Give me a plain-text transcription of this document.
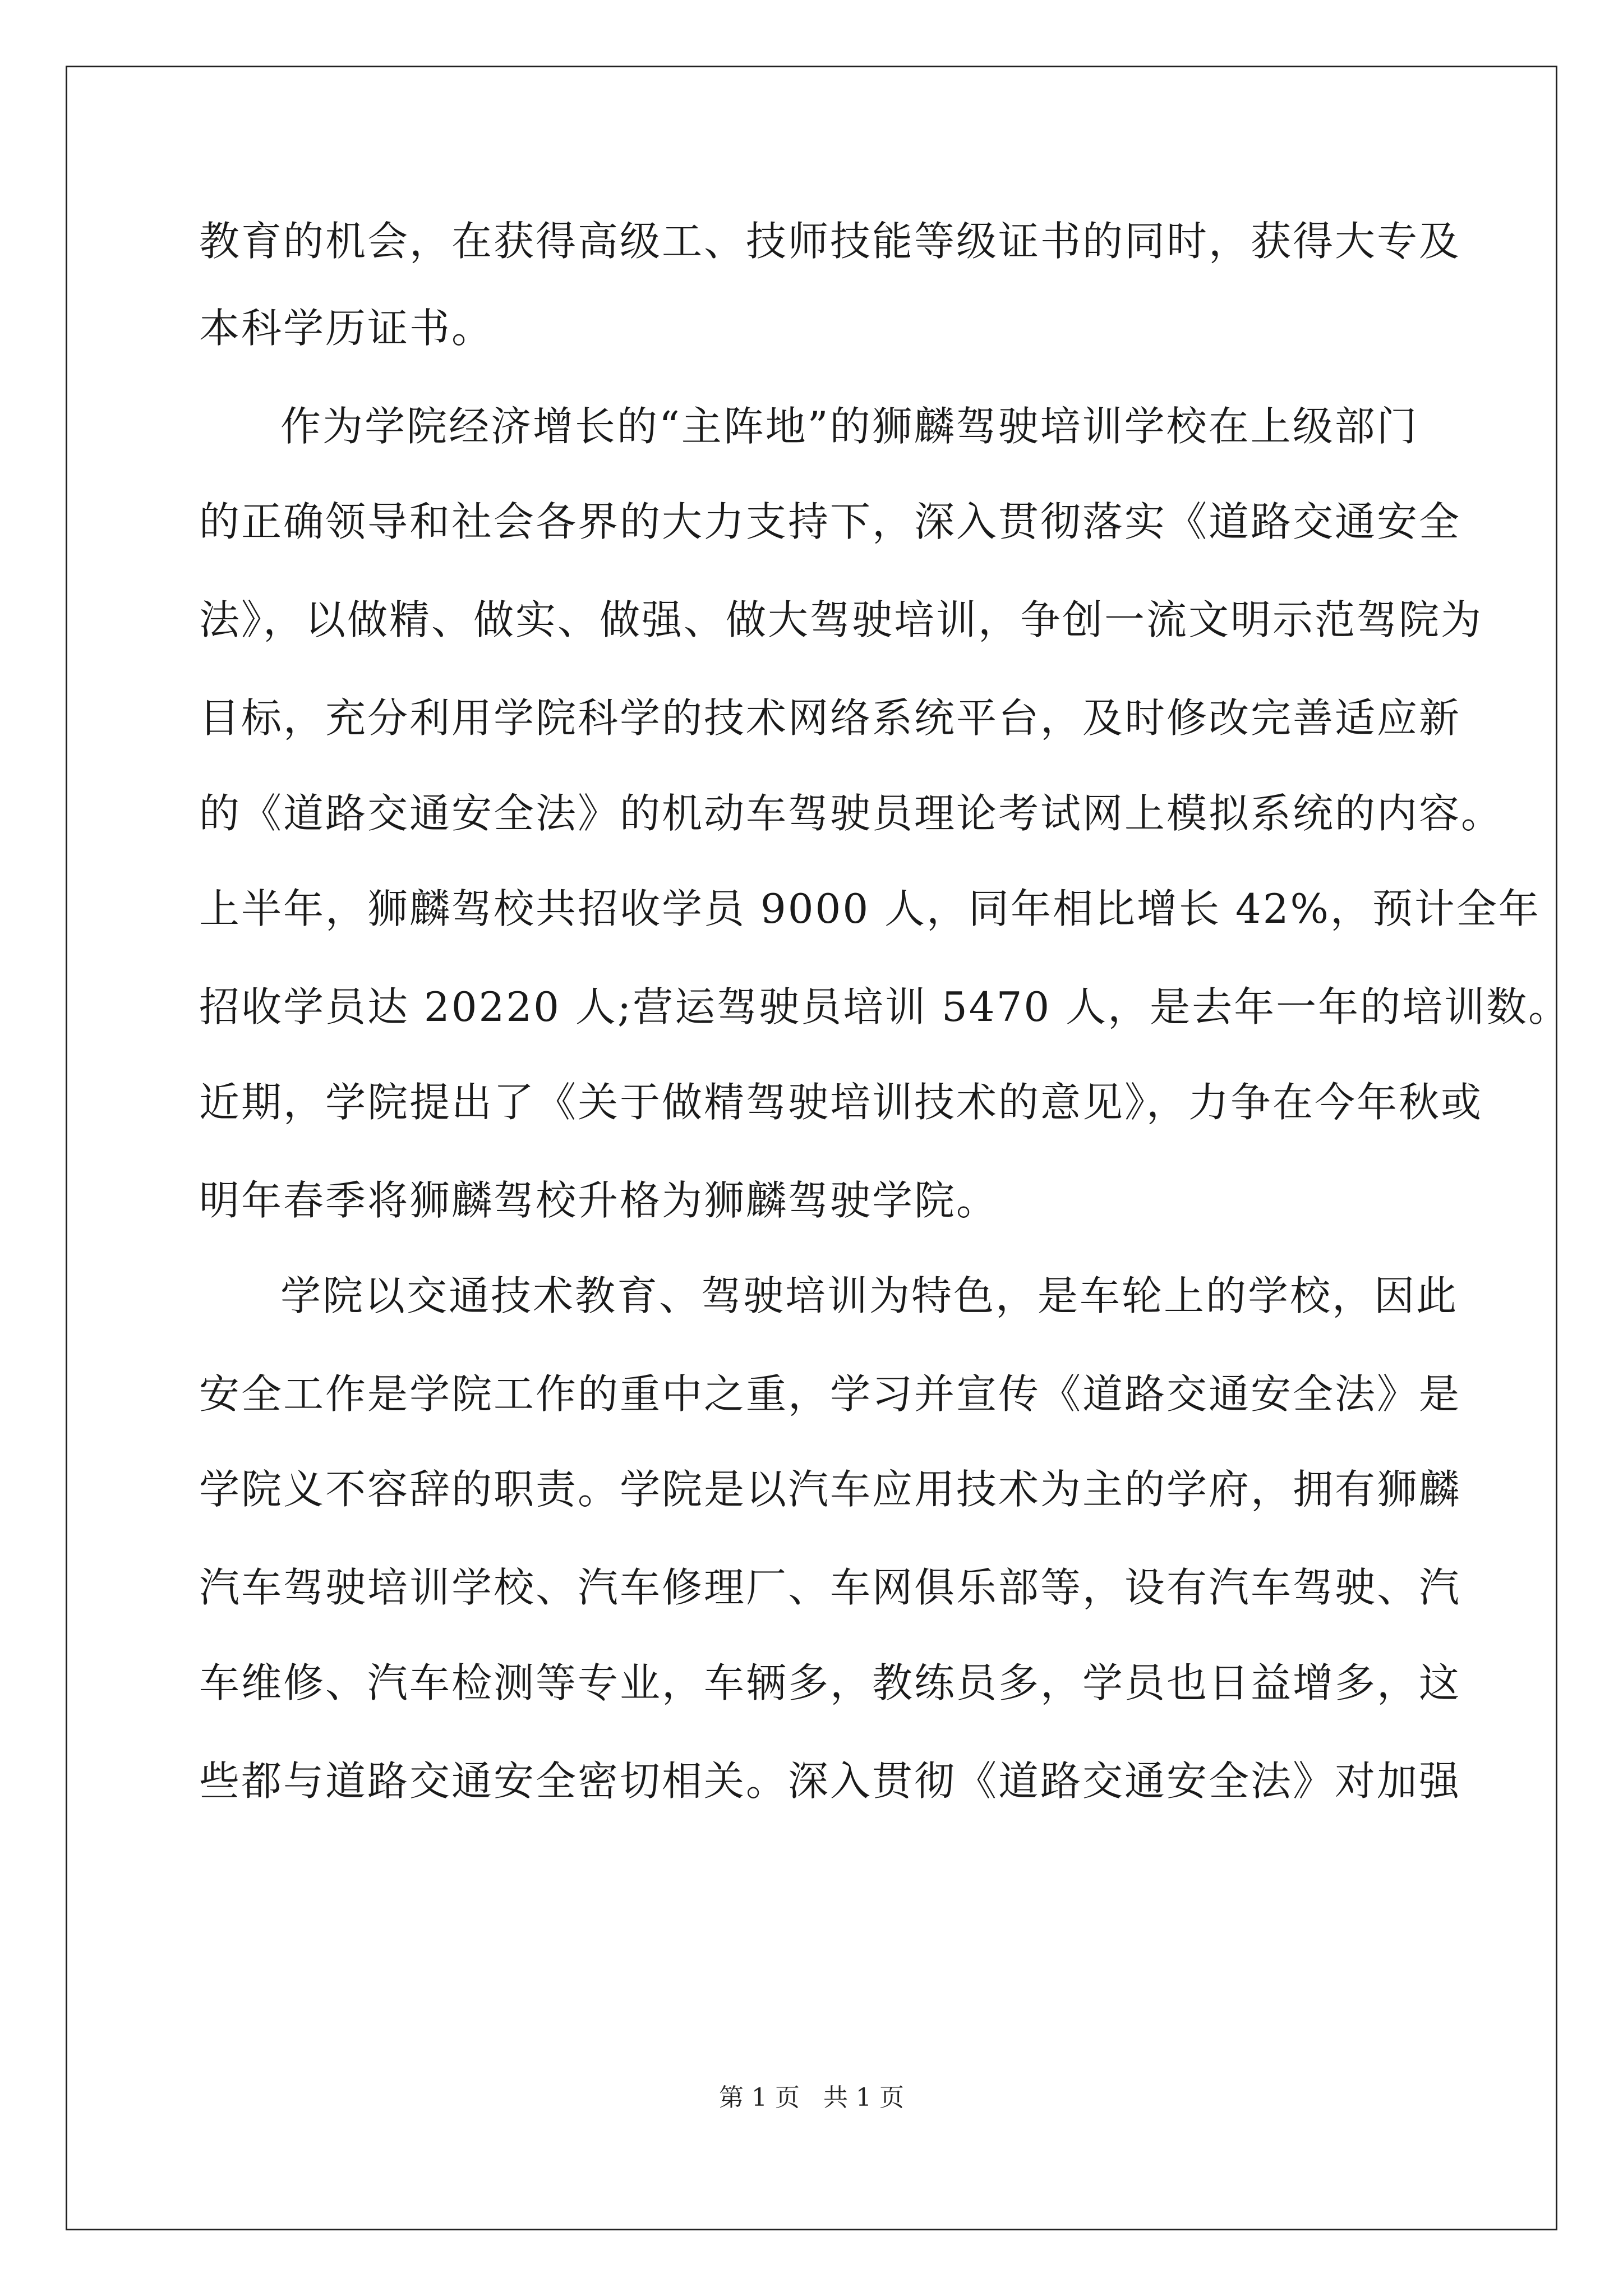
教育的机会，在获得高级工、技师技能等级证书的同时，获得大专及
本科学历证书。
作为学院经济增长的“主阵地”的狮麟驾驶培训学校在上级部门
的正确领导和社会各界的大力支持下，深入贯彻落实《道路交通安全
法》，以做精、做实、做强、做大驾驶培训，争创一流文明示范驾院为
目标，充分利用学院科学的技术网络系统平台，及时修改完善适应新
的《道路交通安全法》的机动车驾驶员理论考试网上模拟系统的内容。
上半年，狮麟驾校共招收学员 9000 人，同年相比增长 42%，预计全年
招收学员达 20220 人;营运驾驶员培训 5470 人，是去年一年的培训数。
近期，学院提出了《关于做精驾驶培训技术的意见》，力争在今年秋或
明年春季将狮麟驾校升格为狮麟驾驶学院。
学院以交通技术教育、驾驶培训为特色，是车轮上的学校，因此
安全工作是学院工作的重中之重，学习并宣传《道路交通安全法》是
学院义不容辞的职责。学院是以汽车应用技术为主的学府，拥有狮麟
汽车驾驶培训学校、汽车修理厂、车网俱乐部等，设有汽车驾驶、汽
车维修、汽车检测等专业，车辆多，教练员多，学员也日益增多，这
些都与道路交通安全密切相关。深入贯彻《道路交通安全法》对加强
第 1 页   共 1 页
